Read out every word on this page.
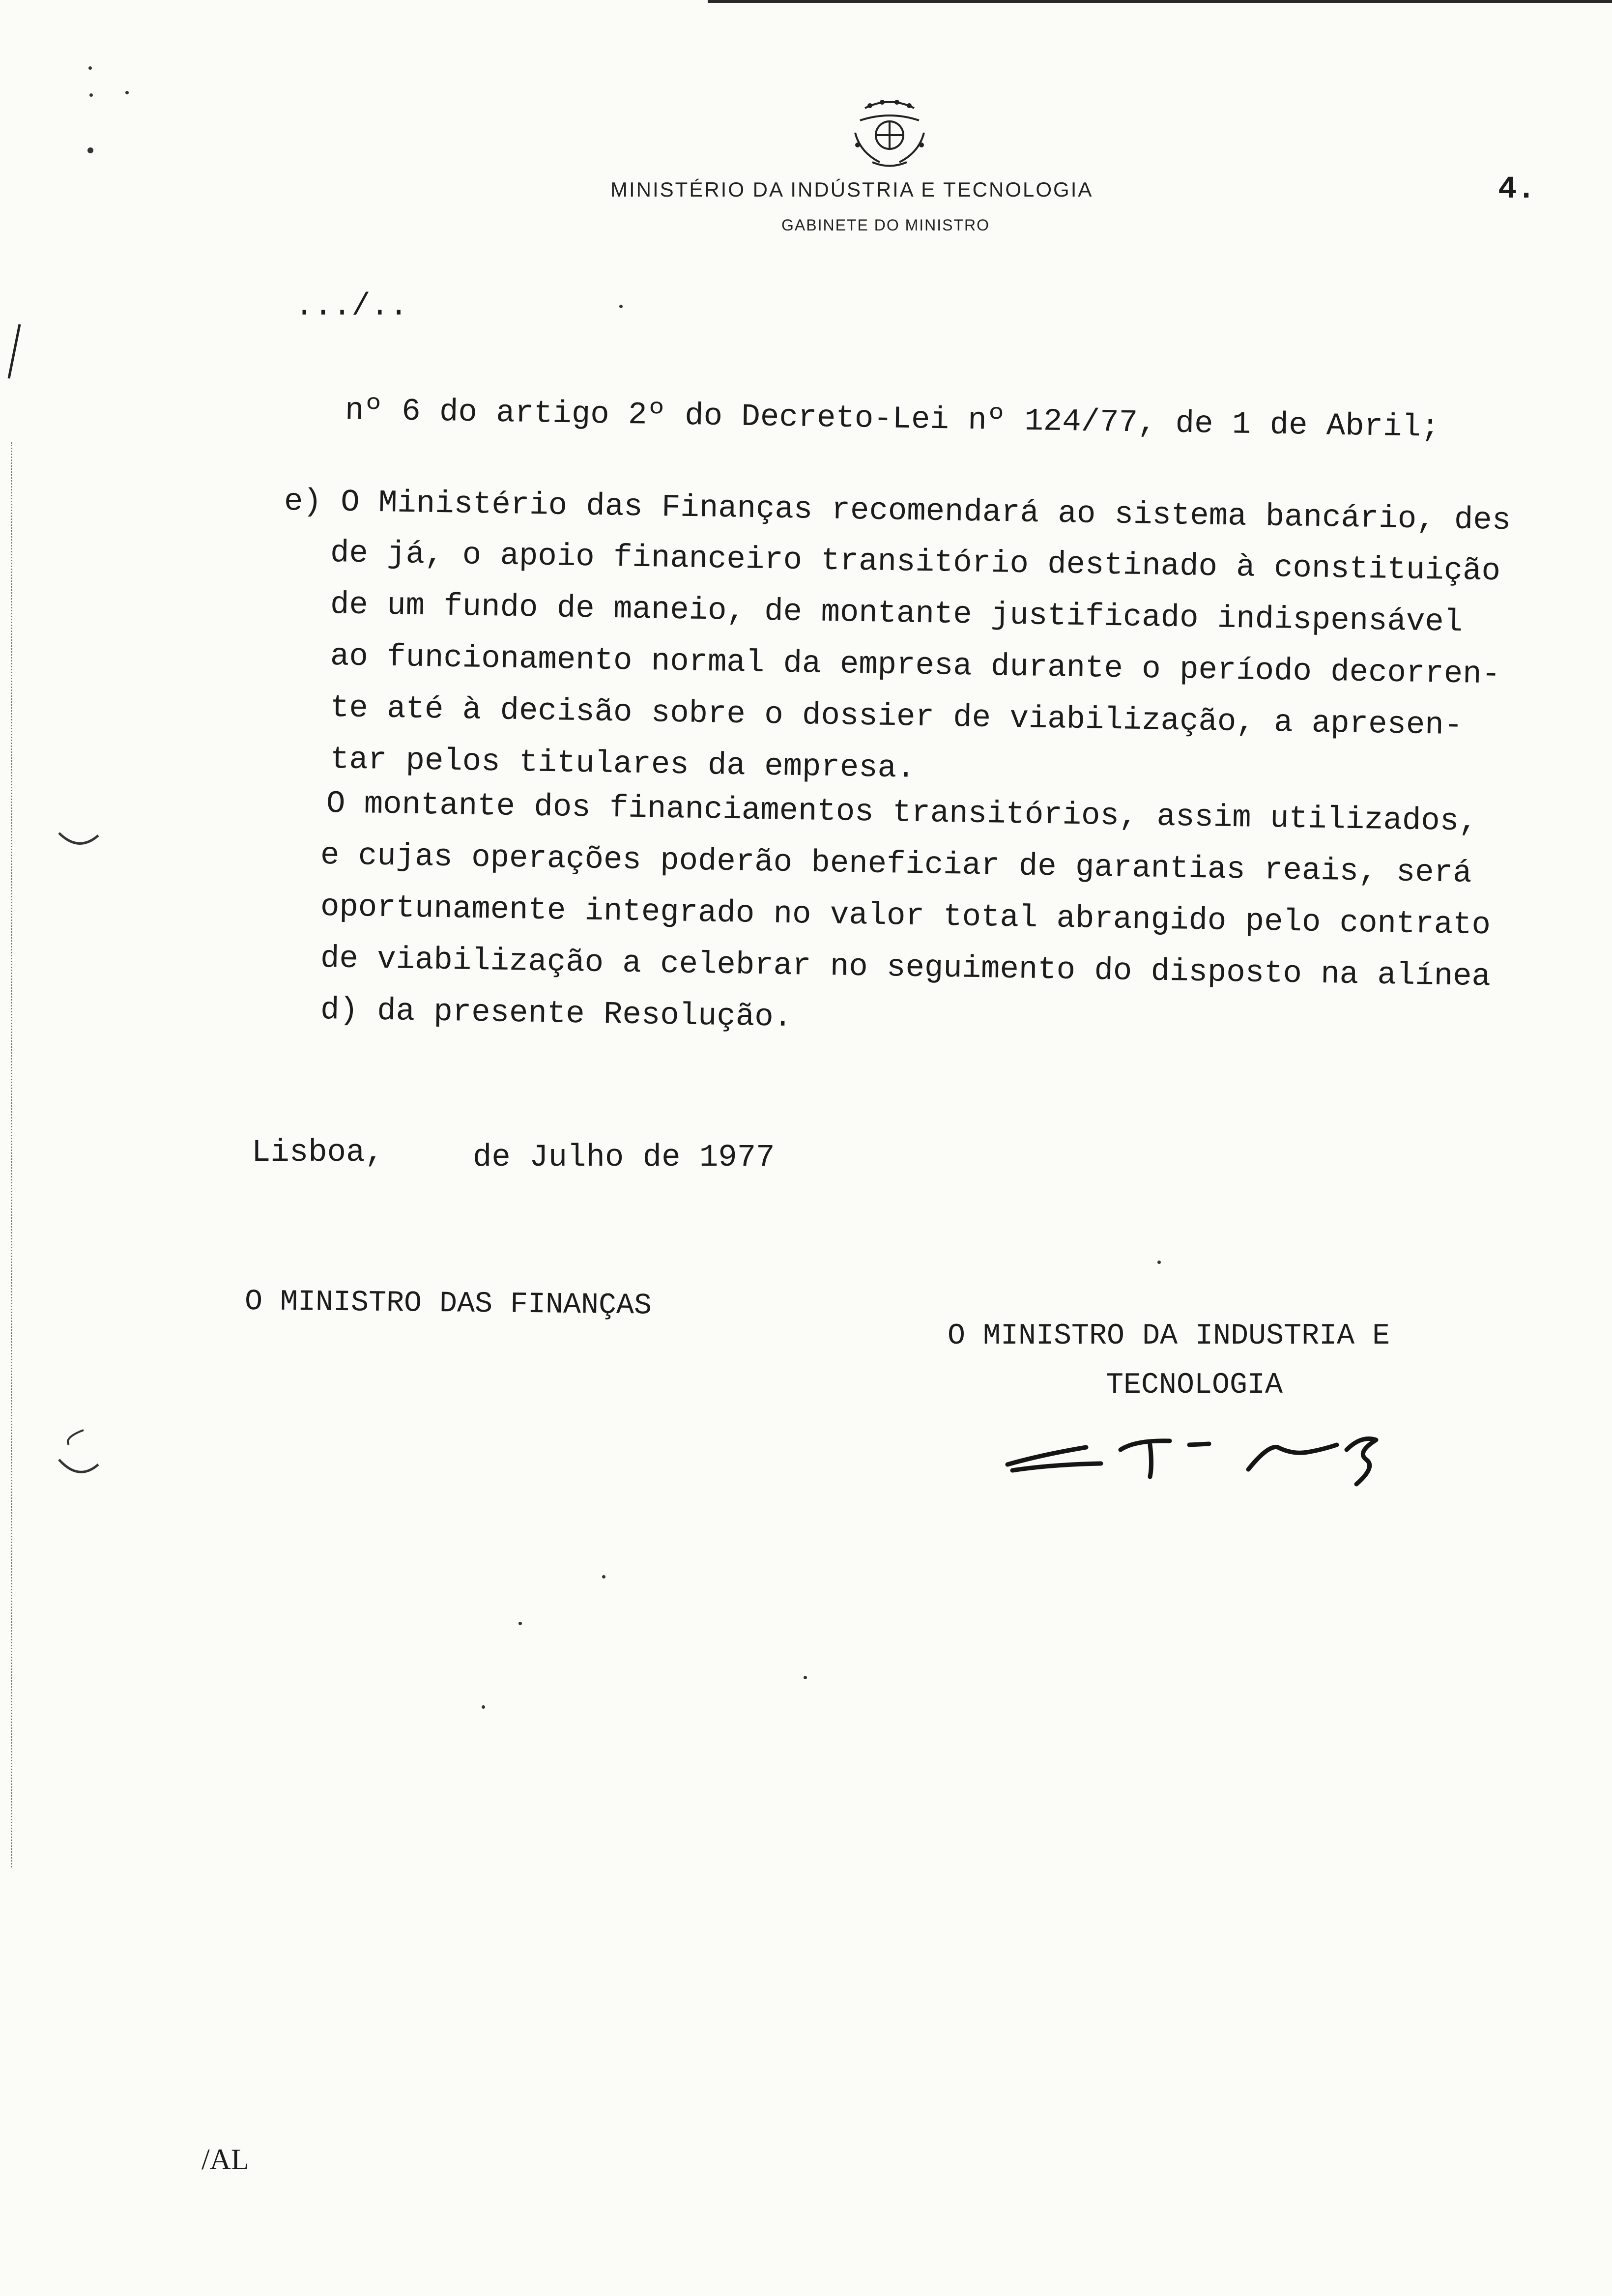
MINISTÉRIO DA INDÚSTRIA E TECNOLOGIA
GABINETE DO MINISTRO
4.
.../..
nº 6 do artigo 2º do Decreto-Lei nº 124/77, de 1 de Abril;
e) O Ministério das Finanças recomendará ao sistema bancário, des
de já, o apoio financeiro transitório destinado à constituição
de um fundo de maneio, de montante justificado indispensável
ao funcionamento normal da empresa durante o período decorren-
te até à decisão sobre o dossier de viabilização, a apresen-
tar pelos titulares da empresa.
O montante dos financiamentos transitórios, assim utilizados,
e cujas operações poderão beneficiar de garantias reais, será
oportunamente integrado no valor total abrangido pelo contrato
de viabilização a celebrar no seguimento do disposto na alínea
d) da presente Resolução.
Lisboa,	de Julho de 1977
O MINISTRO DAS FINANÇAS
O MINISTRO DA INDUSTRIA E
TECNOLOGIA
/AL
